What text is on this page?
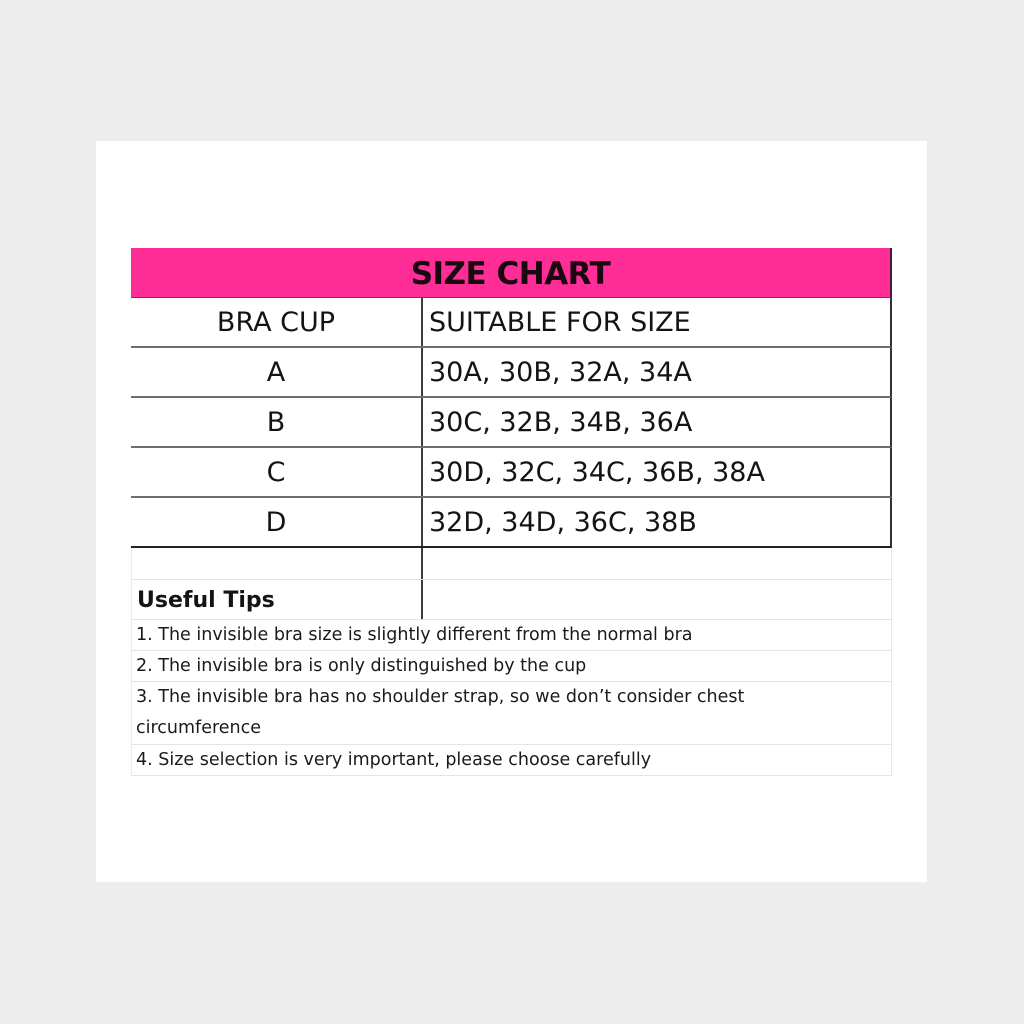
SIZE CHART
BRA CUP	SUITABLE FOR SIZE
A	30A, 30B, 32A, 34A
B	30C, 32B, 34B, 36A
C	30D, 32C, 34C, 36B, 38A
D	32D, 34D, 36C, 38B
Useful Tips
1. The invisible bra size is slightly different from the normal bra
2. The invisible bra is only distinguished by the cup
3. The invisible bra has no shoulder strap, so we don’t consider chest circumference
4. Size selection is very important, please choose carefully
